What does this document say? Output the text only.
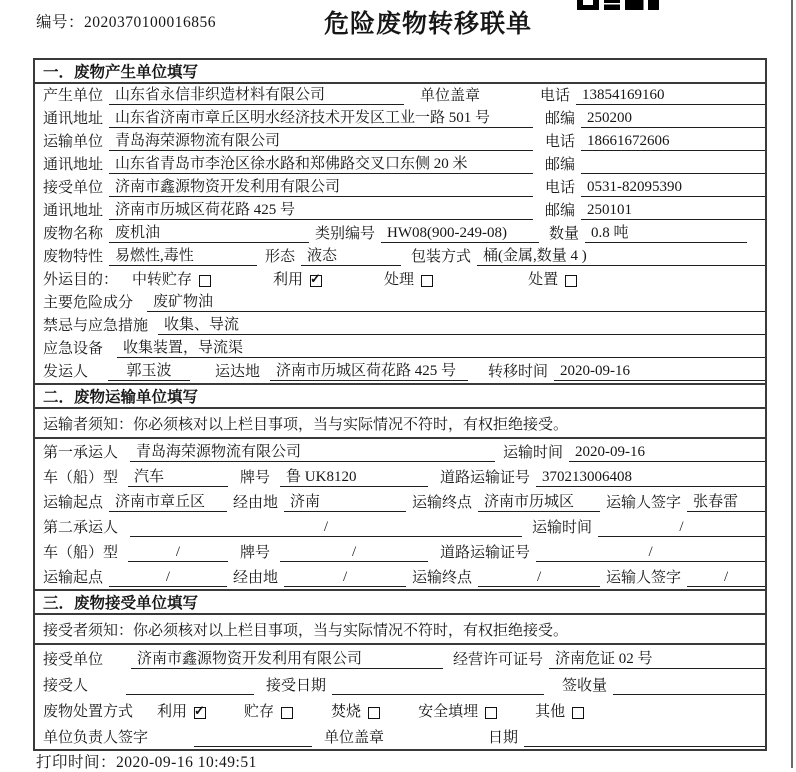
编号：2020370100016856	危险废物转移联单
一．废物产生单位填写
产生单位 山东省永信非织造材料有限公司	单位盖章	电话 13854169160
通讯地址 山东省济南市章丘区明水经济技术开发区工业一路 501 号	邮编 250200
运输单位 青岛海荣源物流有限公司	电话 18661672606
通讯地址 山东省青岛市李沧区徐水路和郑佛路交叉口东侧 20 米	邮编
接受单位 济南市鑫源物资开发利用有限公司	电话 0531-82095390
通讯地址 济南市历城区荷花路 425 号	邮编 250101
废物名称 废机油	类别编号 HW08(900-249-08)	数量 0.8 吨
废物特性 易燃性,毒性	形态 液态	包装方式 桶(金属,数量 4 )
外运目的： 中转贮存	利用 ✓	处理	处置
主要危险成分	废矿物油
禁忌与应急措施	收集、导流
应急设备	收集装置，导流渠
发运人	郭玉波	运达地	济南市历城区荷花路 425 号	转移时间 2020-09-16
二．废物运输单位填写
运输者须知：你必须核对以上栏目事项，当与实际情况不符时，有权拒绝接受。
第一承运人	青岛海荣源物流有限公司	运输时间 2020-09-16
车（船）型	汽车	牌号	鲁 UK8120	道路运输证号 370213006408
运输起点 济南市章丘区	经由地 济南	运输终点 济南市历城区	运输人签字 张春雷
第二承运人	/	运输时间	/
车（船）型	/	牌号	/	道路运输证号	/
运输起点	/	经由地	/	运输终点	/	运输人签字	/
三．废物接受单位填写
接受者须知：你必须核对以上栏目事项，当与实际情况不符时，有权拒绝接受。
接受单位	济南市鑫源物资开发利用有限公司	经营许可证号 济南危证 02 号
接受人	接受日期	签收量
废物处置方式	利用 ✓	贮存	焚烧	安全填埋	其他
单位负责人签字	单位盖章	日期
打印时间：2020-09-16 10:49:51
